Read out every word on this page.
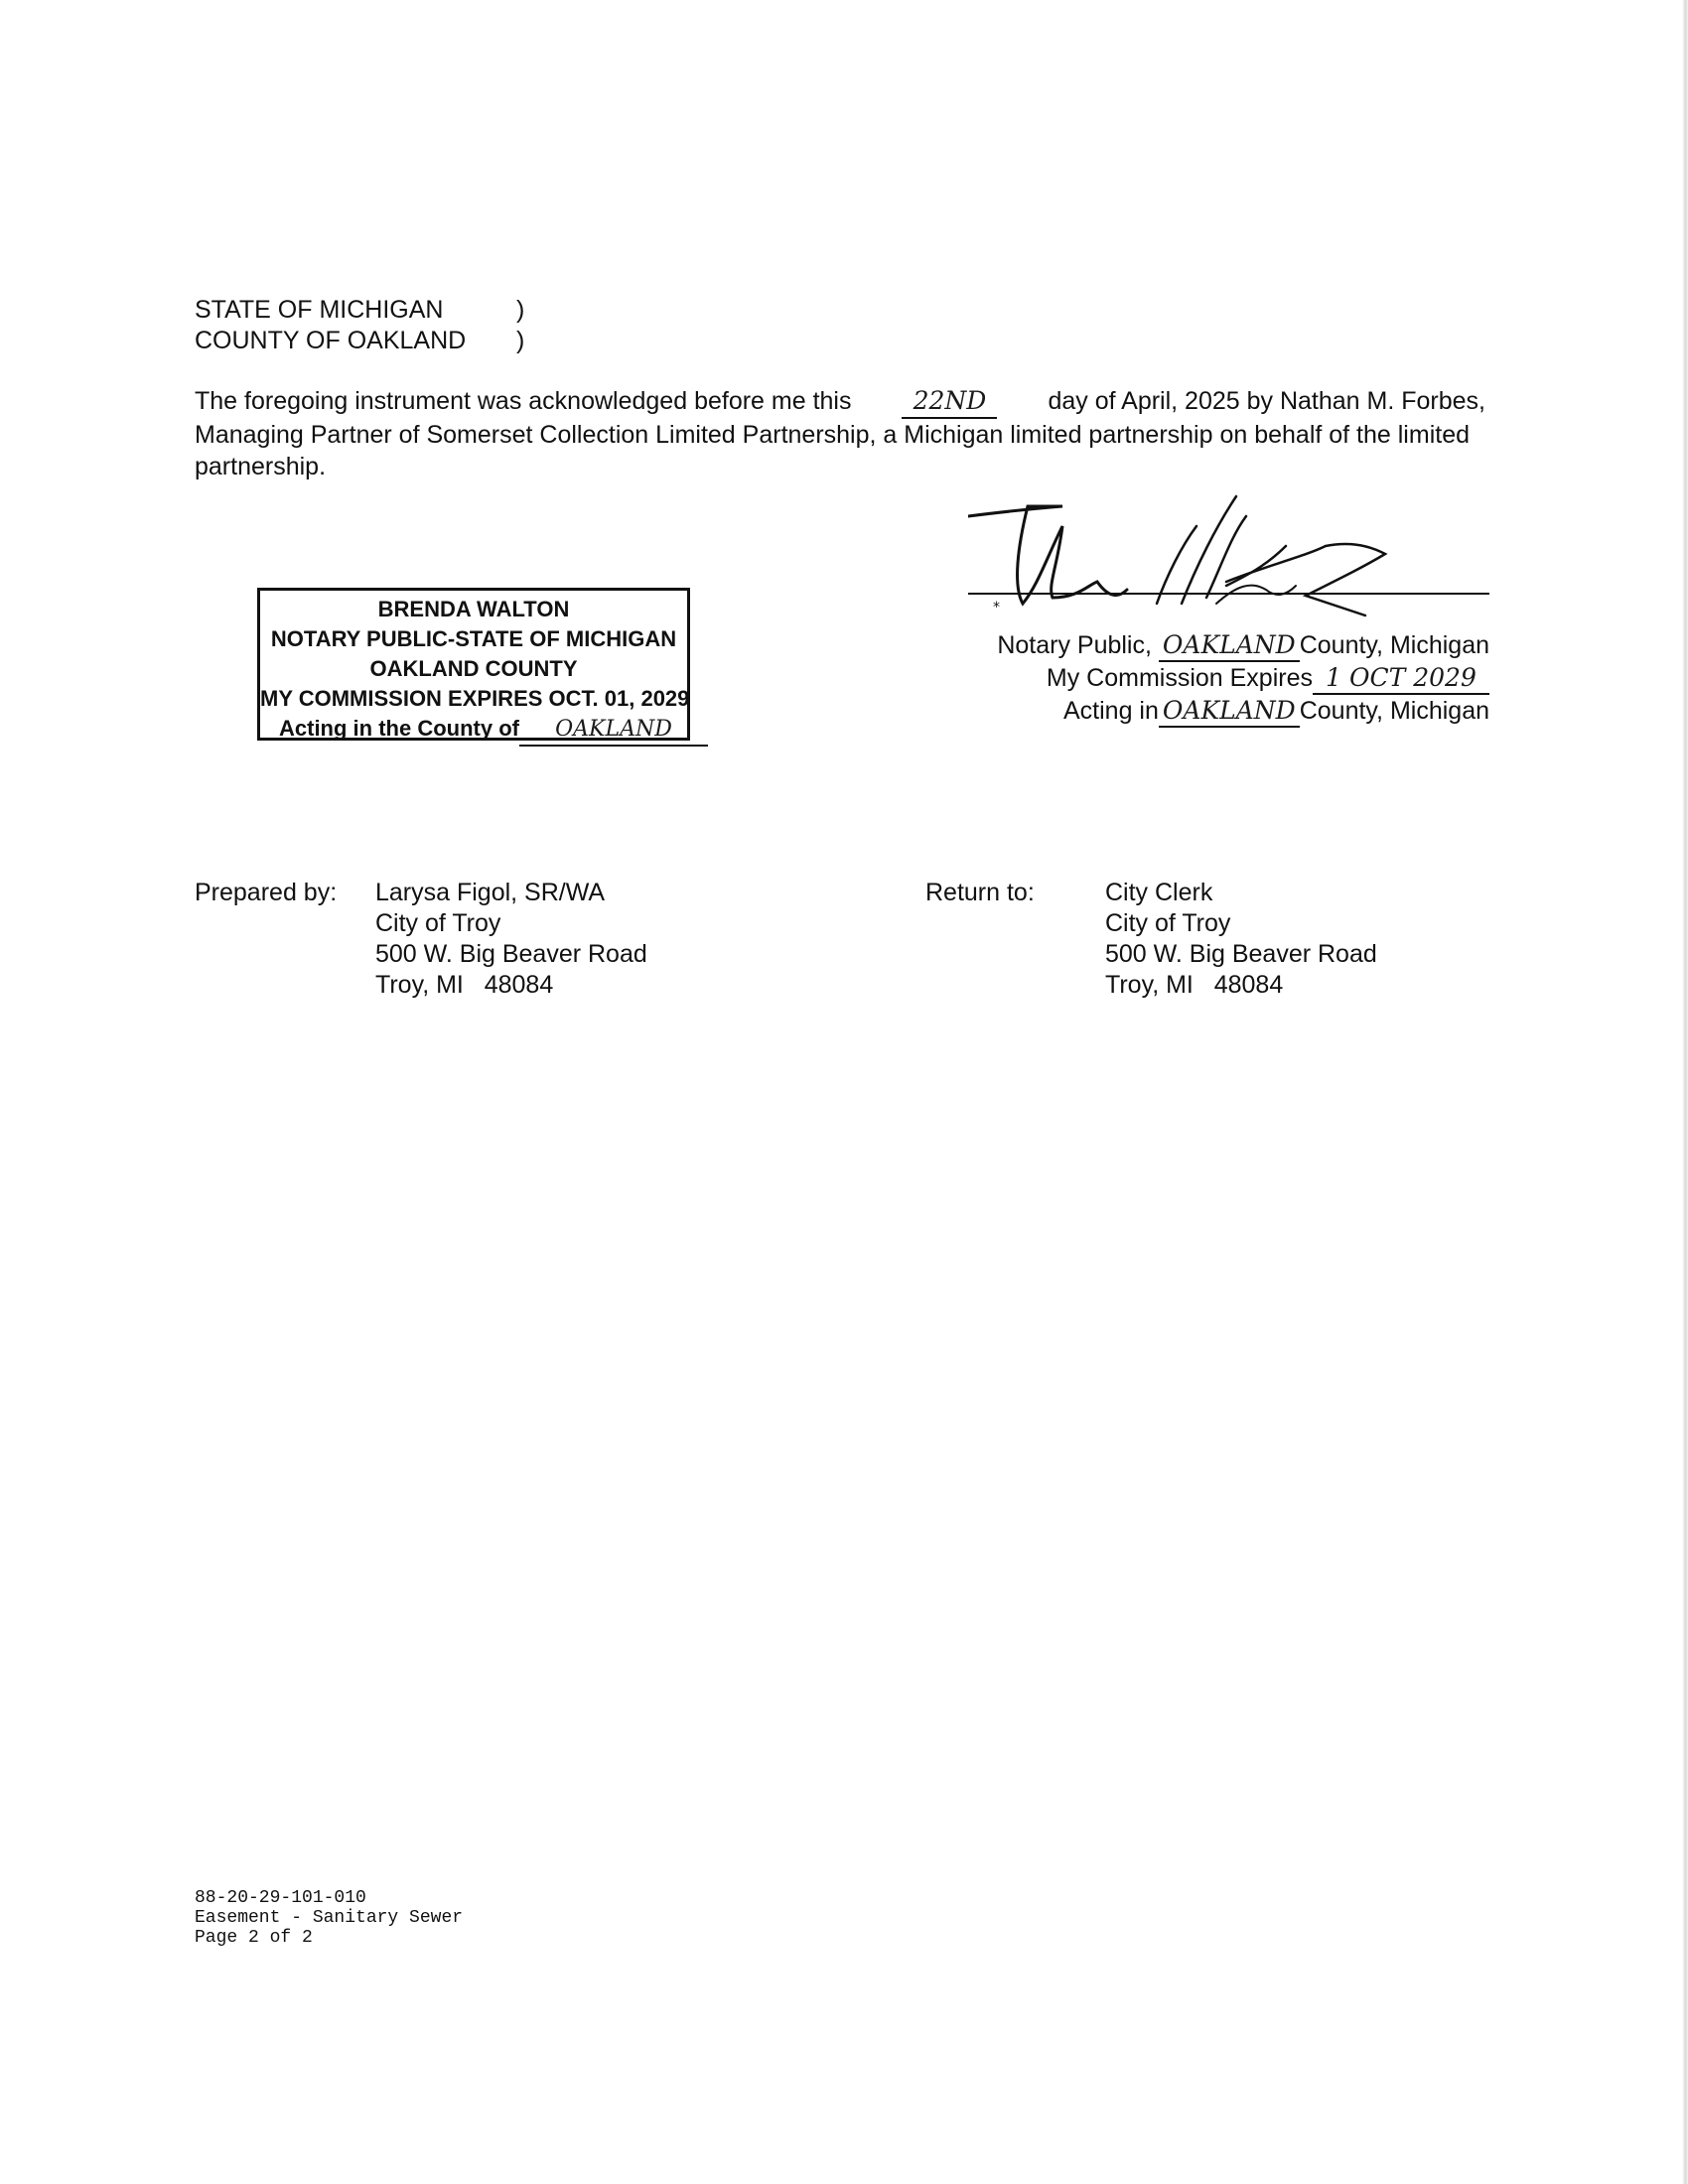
STATE OF MICHIGAN	)
COUNTY OF OAKLAND )
The foregoing instrument was acknowledged before me this	22ND	day of April, 2025 by Nathan M. Forbes,
Managing Partner of Somerset Collection Limited Partnership, a Michigan limited partnership on behalf of the limited
partnership.
BRENDA WALTON
NOTARY PUBLIC-STATE OF MICHIGAN
OAKLAND COUNTY
MY COMMISSION EXPIRES OCT. 01, 2029
Acting in the County of OAKLAND
*
Notary Public, OAKLAND County, Michigan
My Commission Expires 1 OCT 2029
Acting in OAKLAND County, Michigan
Prepared by: Larysa Figol, SR/WA
City of Troy
500 W. Big Beaver Road
Troy, MI   48084
Return to:	City Clerk
City of Troy
500 W. Big Beaver Road
Troy, MI   48084
88-20-29-101-010
Easement - Sanitary Sewer
Page 2 of 2
